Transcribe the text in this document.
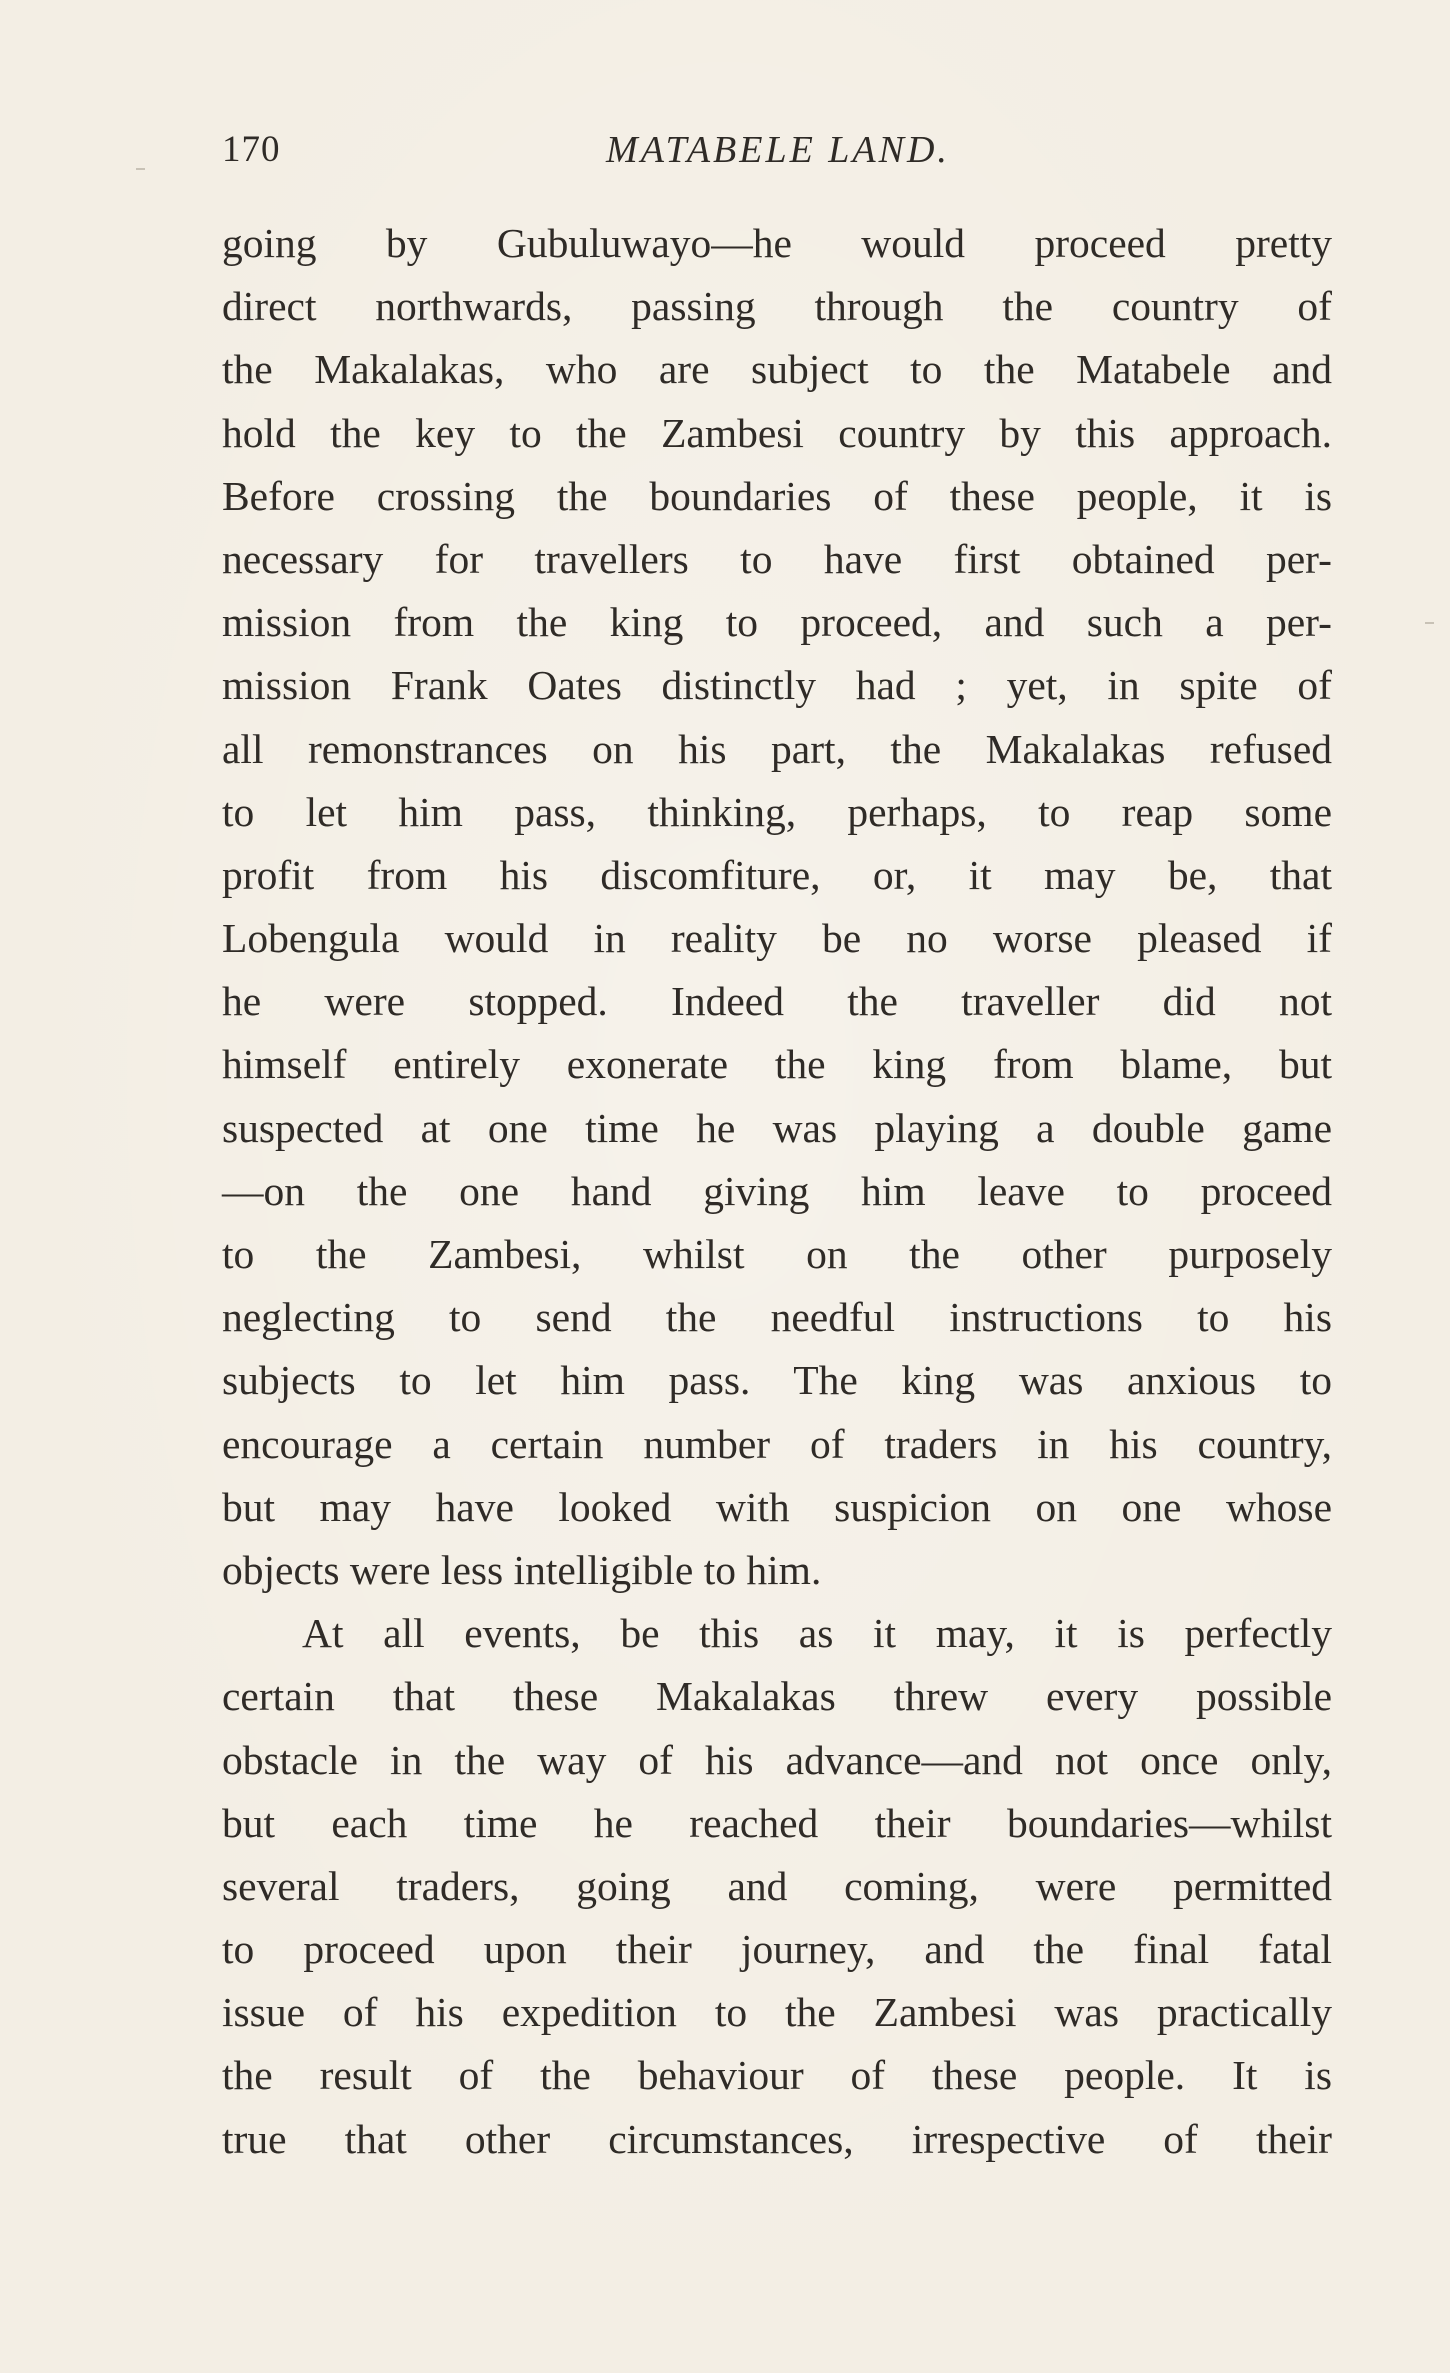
170	MATABELE LAND.
going by Gubuluwayo—he would proceed pretty
direct northwards, passing through the country of
the Makalakas, who are subject to the Matabele and
hold the key to the Zambesi country by this approach.
Before crossing the boundaries of these people, it is
necessary for travellers to have first obtained per-
mission from the king to proceed, and such a per-
mission Frank Oates distinctly had ; yet, in spite of
all remonstrances on his part, the Makalakas refused
to let him pass, thinking, perhaps, to reap some
profit from his discomfiture, or, it may be, that
Lobengula would in reality be no worse pleased if
he were stopped. Indeed the traveller did not
himself entirely exonerate the king from blame, but
suspected at one time he was playing a double game
—on the one hand giving him leave to proceed
to the Zambesi, whilst on the other purposely
neglecting to send the needful instructions to his
subjects to let him pass. The king was anxious to
encourage a certain number of traders in his country,
but may have looked with suspicion on one whose
objects were less intelligible to him.
At all events, be this as it may, it is perfectly
certain that these Makalakas threw every possible
obstacle in the way of his advance—and not once only,
but each time he reached their boundaries—whilst
several traders, going and coming, were permitted
to proceed upon their journey, and the final fatal
issue of his expedition to the Zambesi was practically
the result of the behaviour of these people. It is
true that other circumstances, irrespective of their
